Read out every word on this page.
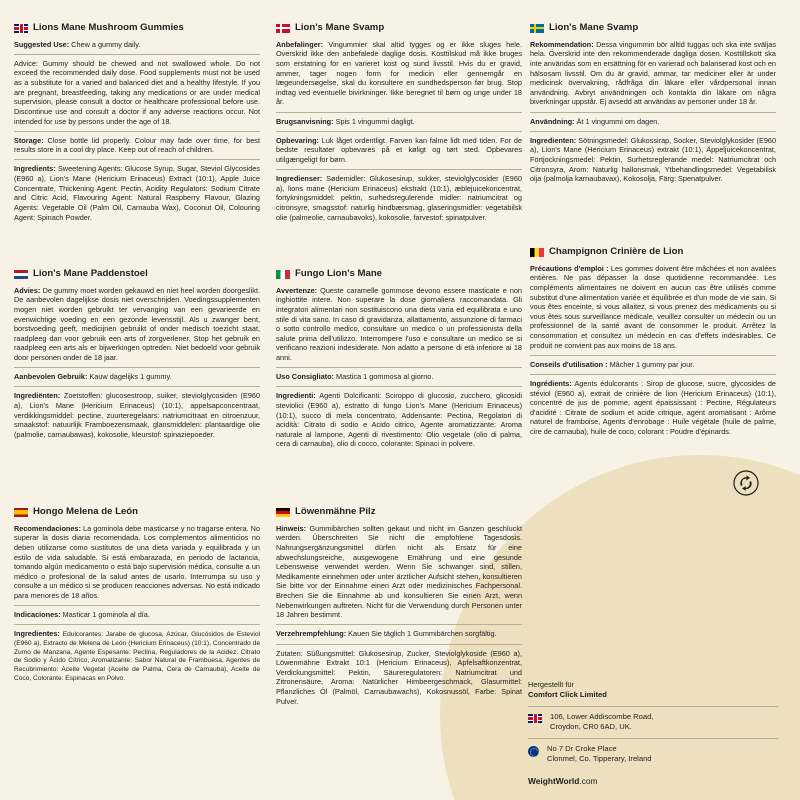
Lions Mane Mushroom Gummies

Suggested Use: Chew a gummy daily.

Advice: Gummy should be chewed and not swallowed whole. Do not exceed the recommended daily dose. Food supplements must not be used as a substitute for a varied and balanced diet and a healthy lifestyle. If you are pregnant, breastfeeding, taking any medications or are under medical supervision, please consult a doctor or healthcare professional before use. Discontinue use and consult a doctor if any adverse reactions occur. Not intended for use by persons under the age of 18.

Storage: Close bottle lid properly. Colour may fade over time, for best results store in a cool dry place. Keep out of reach of children.

Ingredients: Sweetening Agents: Glucose Syrup, Sugar, Steviol Glycosides (E960 a), Lion's Mane (Hericium Erinaceus) Extract (10:1), Apple Juice Concentrate, Thickening Agent: Pectin, Acidity Regulators: Sodium Citrate and Citric Acid, Flavouring Agent: Natural Raspberry Flavour, Glazing Agents: Vegetable Oil (Palm Oil, Carnauba Wax), Coconut Oil, Colouring Agent: Spinach Powder.

Lion's Mane Svamp

Anbefalinger: Vingummier skal altid tygges og er ikke sluges hele. Overskrid ikke den anbefalede daglige dosis. Kosttilskud må ikke bruges som erstatning for en varieret kost og sund livsstil. Hvis du er gravid, ammer, tager nogen form for medicin eller gennemgår en lægeundersøgelse, skal du konsultere en sundhedsperson før brug. Stop indtag ved eventuelle bivirkninger. Ikke beregnet til børn og unge under 18 år.

Brugsanvisning: Spis 1 vingummi dagligt.

Opbevaring: Luk låget ordentligt. Farven kan falme lidt med tiden. For de bedste resultater opbevares på et køligt og tørt sted. Opbevares utilgængeligt for børn.

Ingredienser: Sødemidler: Glukosesirup, sukker, steviolglycosider (E960 a), lions mane (Hericium Erinaceus) ekstrakt (10:1), æblejuicekoncentrat, fortykningsmiddel: pektin, surhedsregulerende midler: natriumcitrat og citronsyre, smagsstof: naturlig hindbærsmag, glaseringsmidler: vegetabilsk olie (palmeolie, carnaubavoks), kokosolie, farvestof: spinatpulver.

Lion's Mane Svamp

Rekommendation: Dessa vingummin bör alltid tuggas och ska inte sväljas hela. Överskrid inte den rekommenderade dagliga dosen. Kosttillskott ska inte användas som en ersättning för en varierad och balanserad kost och en hälsosam livsstil. Om du är gravid, ammar, tar mediciner eller är under medicinsk övervakning, rådfråga din läkare eller vårdpersonal innan användning. Avbryt användningen och kontakta din läkare om några biverkningar uppstår. Ej avsedd att användas av personer under 18 år.

Användning: Ät 1 vingummi om dagen.

Ingredienten: Sötningsmedel: Glukossirap, Socker, Steviolglykosider (E960 a), Lion's Mane (Hericium Erinaceus) extrakt (10:1), Äppeljuicekoncentrat, Förtjockningsmedel: Pektin, Surhetsreglerande medel: Natriumcitrat och Citronsyra, Arom: Naturlig hallonsmak, Ytbehandlingsmedel: Vegetabilisk olja (palmolja karnaubavax), Kokosolja, Färg: Spenatpulver.

Lion's Mane Paddenstoel

Advies: De gummy moet worden gekauwd en niet heel worden doorgeslikt. De aanbevolen dagelijkse dosis niet overschrijden. Voedingssupplementen mogen niet worden gebruikt ter vervanging van een gevarieerde en evenwichtige voeding en een gezonde levensstijl. Als u zwanger bent, borstvoeding geeft, medicijnen gebruikt of onder medisch toezicht staat, raadpleeg dan voor gebruik een arts of zorgverlener. Stop het gebruik en raadpleeg een arts als er bijwerkingen optreden. Niet bedoeld voor gebruik door personen onder de 18 jaar.

Aanbevolen Gebruik: Kauw dagelijks 1 gummy.

Ingrediënten: Zoetstoffen: glucosestroop, suiker, steviolglycosiden (E960 a), Lion's Mane (Hericium Erinaceus) (10:1), appelsapconcentraat, verdikkingsmiddel: pectine, zuurteregelaars: natriumcitraat en citroenzuur, smaakstof: natuurlijk Framboezensmaak, glansmiddelen: plantaardige olie (palmolie, carnaubawas), kokosolie, kleurstof: spinaziepoeder.

Fungo Lion's Mane

Avvertenze: Queste caramelle gommose devono essere masticate e non inghiottite intere. Non superare la dose giornaliera raccomandata. Gli integratori alimentari non sostituiscono una dieta varia ed equilibrata e uno stile di vita sano. In caso di gravidanza, allattamento, assunzione di farmaci o sotto controllo medico, consultare un medico o un professionista della salute prima dell'utilizzo. Interrompere l'uso e consultare un medico se si verificano reazioni indesiderate. Non adatto a persone di età inferiore ai 18 anni.

Uso Consigliato: Mastica 1 gommosa al giorno.

Ingredienti: Agenti Dolcificanti: Sciroppo di glucosio, zucchero, glicosidi steviolici (E960 a), estratto di fungo Lion's Mane (Hericium Erinaceus) (10:1), succo di mela concentrato, Addensante: Pectina, Regolatori di acidità: Citrato di sodio e Acido citrico, Agente aromatizzante: Aroma naturale al lampone, Agenti di rivestimento: Olio vegetale (olio di palma, cera di carnauba), olio di cocco, colorante: Spinaci in polvere.

Champignon Crinière de Lion

Précautions d'emploi : Les gommes doivent être mâchées et non avalées entières. Ne pas dépasser la dose quotidienne recommandée. Les compléments alimentaires ne doivent en aucun cas être utilisés comme substitut d'une alimentation variée et équilibrée et d'un mode de vie sain. Si vous êtes enceinte, si vous allaitez, si vous prenez des médicaments ou si vous êtes sous surveillance médicale, veuillez consulter un médecin ou un professionnel de la santé avant de consommer le produit. Arrêtez la consommation et consultez un médecin en cas d'effets indésirables. Ce produit ne convient pas aux moins de 18 ans.

Conseils d'utilisation : Mâcher 1 gummy par jour.

Ingrédients: Agents édulcorants : Sirop de glucose, sucre, glycosides de stéviol (E960 a), extrait de crinière de lion (Hericium Erinaceus) (10:1), concentré de jus de pomme, agent épaississant : Pectine, Régulateurs d'acidité : Citrate de sodium et acide citrique, agent aromatisant : Arôme naturel de framboise, Agents d'enrobage : Huile végétale (huile de palme, cire de carnauba), huile de coco, colorant : Poudre d'épinards.

Hongo Melena de León

Recomendaciones: La gominola debe masticarse y no tragarse entera. No superar la dosis diaria recomendada. Los complementos alimenticios no deben utilizarse como sustitutos de una dieta variada y equilibrada y un estilo de vida saludable. Si está embarazada, en periodo de lactancia, tomando algún medicamento o está bajo supervisión médica, consulte a un médico o profesional de la salud antes de usarlo. Interrumpa su uso y consulte a un médico si se producen reacciones adversas. No está indicado para menores de 18 años.

Indicaciones: Masticar 1 gominola al día.

Ingredientes: Edulcorantes: Jarabe de glucosa, Azúcar, Glucósidos de Esteviol (E960 a), Extracto de Melena de León (Hericium Erinaceus) (10:1), Concentrado de Zumo de Manzana, Agente Espesante: Pectina, Reguladores de la Acidez: Citrato de Sodio y Ácido Cítrico, Aromatizante: Sabor Natural de Frambuesa, Agentes de Recubrimiento: Aceite Vegetal (Aceite de Palma, Cera de Carnauba), Aceite de Coco, Colorante: Espinacas en Polvo.

Löwenmähne Pilz

Hinweis: Gummibärchen sollten gekaut und nicht im Ganzen geschluckt werden. Überschreiten Sie nicht die empfohlene Tagesdosis. Nahrungsergänzungsmittel dürfen nicht als Ersatz für eine abwechslungsreiche, ausgewogene Ernährung und eine gesunde Lebensweise verwendet werden. Wenn Sie schwanger sind, stillen, Medikamente einnehmen oder unter ärztlicher Aufsicht stehen, konsultieren Sie bitte vor der Einnahme einen Arzt oder medizinisches Fachpersonal. Brechen Sie die Einnahme ab und konsultieren Sie einen Arzt, wenn Nebenwirkungen auftreten. Nicht für die Verwendung durch Personen unter 18 Jahren bestimmt.

Verzehrempfehlung: Kauen Sie täglich 1 Gummibärchen sorgfältig.

Zutaten: Süßungsmittel: Glukosesirup, Zucker, Steviolglykoside (E960 a), Löwenmähne Extrakt 10:1 (Hericium Erinaceus), Apfelsaftkonzentrat, Verdickungsmittel: Pektin, Säureregulatoren: Natriumcitrat und Zitronensäure, Aroma: Natürlicher Himbeergeschmack, Glasurmittel: Pflanzliches Öl (Palmöl, Carnaubawachs), Kokosnussöl, Farbe: Spinat Pulver.

Hergestellt für
Comfort Click Limited
106, Lower Addiscombe Road,
Croydon, CR0 6AD, UK.
No 7 Dr Croke Place
Clonmel, Co. Tipperary, Ireland
WeightWorld.com
